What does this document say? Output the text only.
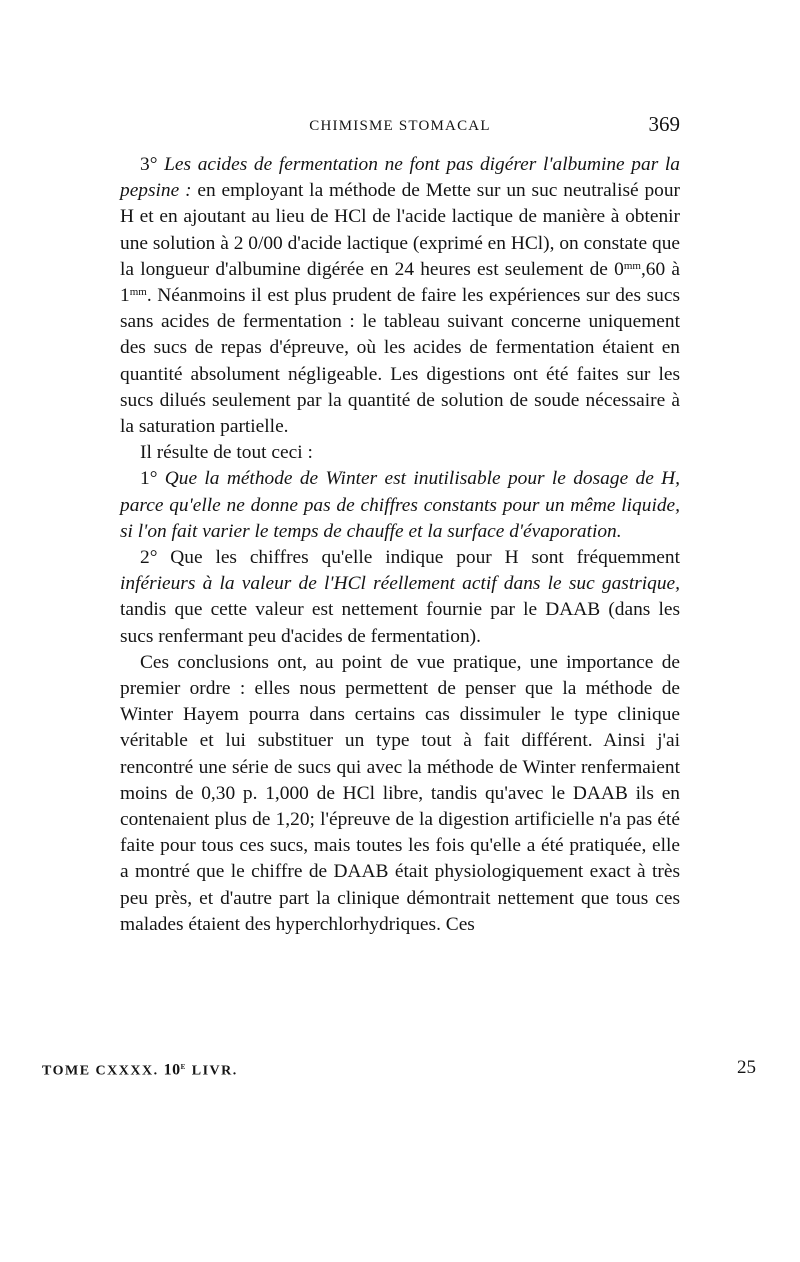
CHIMISME STOMACAL	369

3° Les acides de fermentation ne font pas digérer l'albumine par la pepsine : en employant la méthode de Mette sur un suc neutralisé pour H et en ajoutant au lieu de HCl de l'acide lactique de manière à obtenir une solution à 2 0/00 d'acide lactique (exprimé en HCl), on constate que la longueur d'albumine digérée en 24 heures est seulement de $0^{mm},60$ à $1^{mm}$. Néanmoins il est plus prudent de faire les expériences sur des sucs sans acides de fermentation : le tableau suivant concerne uniquement des sucs de repas d'épreuve, où les acides de fermentation étaient en quantité absolument négligeable. Les digestions ont été faites sur les sucs dilués seulement par la quantité de solution de soude nécessaire à la saturation partielle.

Il résulte de tout ceci :

1° Que la méthode de Winter est inutilisable pour le dosage de H, parce qu'elle ne donne pas de chiffres constants pour un même liquide, si l'on fait varier le temps de chauffe et la surface d'évaporation.

2° Que les chiffres qu'elle indique pour H sont fréquemment inférieurs à la valeur de l'HCl réellement actif dans le suc gastrique, tandis que cette valeur est nettement fournie par le DAAB (dans les sucs renfermant peu d'acides de fermentation).

Ces conclusions ont, au point de vue pratique, une importance de premier ordre : elles nous permettent de penser que la méthode de Winter Hayem pourra dans certains cas dissimuler le type clinique véritable et lui substituer un type tout à fait différent. Ainsi j'ai rencontré une série de sucs qui avec la méthode de Winter renfermaient moins de 0,30 p. 1,000 de HCl libre, tandis qu'avec le DAAB ils en contenaient plus de 1,20; l'épreuve de la digestion artificielle n'a pas été faite pour tous ces sucs, mais toutes les fois qu'elle a été pratiquée, elle a montré que le chiffre de DAAB était physiologiquement exact à très peu près, et d'autre part la clinique démontrait nettement que tous ces malades étaient des hyperchlorhydriques. Ces

TOME CXXXX. 10e LIVR.	25
